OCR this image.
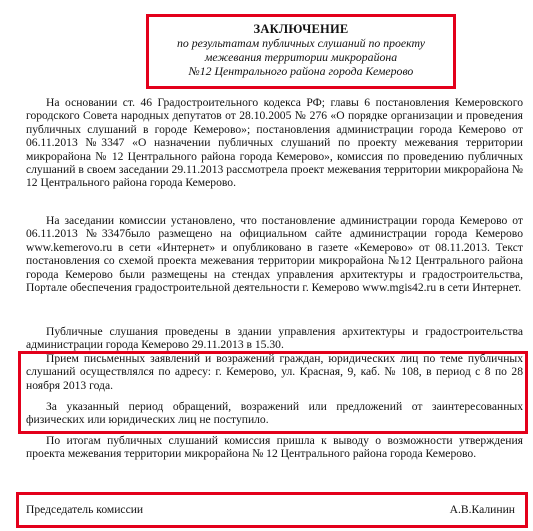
ЗАКЛЮЧЕНИЕ
по результатам публичных слушаний по проекту
межевания территории микрорайона
№12 Центрального района города Кемерово

На основании ст. 46 Градостроительного кодекса РФ; главы 6 постановления Кемеровского городского Совета народных депутатов от 28.10.2005 № 276 «О порядке организации и проведения публичных слушаний в городе Кемерово»; постановления администрации города Кемерово от 06.11.2013 №3347 «О назначении публичных слушаний по проекту межевания территории микрорайона № 12 Центрального района города Кемерово», комиссия по проведению публичных слушаний в своем заседании 29.11.2013 рассмотрела проект межевания территории микрорайона № 12 Центрального района города Кемерово.

На заседании комиссии установлено, что постановление администрации города Кемерово от 06.11.2013 №3347было размещено на официальном сайте администрации города Кемерово www.kemerovo.ru в сети «Интернет» и опубликовано в газете «Кемерово» от 08.11.2013. Текст постановления со схемой проекта межевания территории микрорайона №12 Центрального района города Кемерово были размещены на стендах управления архитектуры и градостроительства, Портале обеспечения градостроительной деятельности г. Кемерово www.mgis42.ru в сети Интернет.

Публичные слушания проведены в здании управления архитектуры и градостроительства администрации города Кемерово 29.11.2013 в 15.30.

Прием письменных заявлений и возражений граждан, юридических лиц по теме публичных слушаний осуществлялся по адресу: г. Кемерово, ул. Красная, 9, каб. № 108, в период с 8 по 28 ноября 2013 года.

За указанный период обращений, возражений или предложений от заинтересованных физических или юридических лиц не поступило.

По итогам публичных слушаний комиссия пришла к выводу о возможности утверждения проекта межевания территории микрорайона № 12 Центрального района города Кемерово.

Председатель комиссии	А.В.Калинин
